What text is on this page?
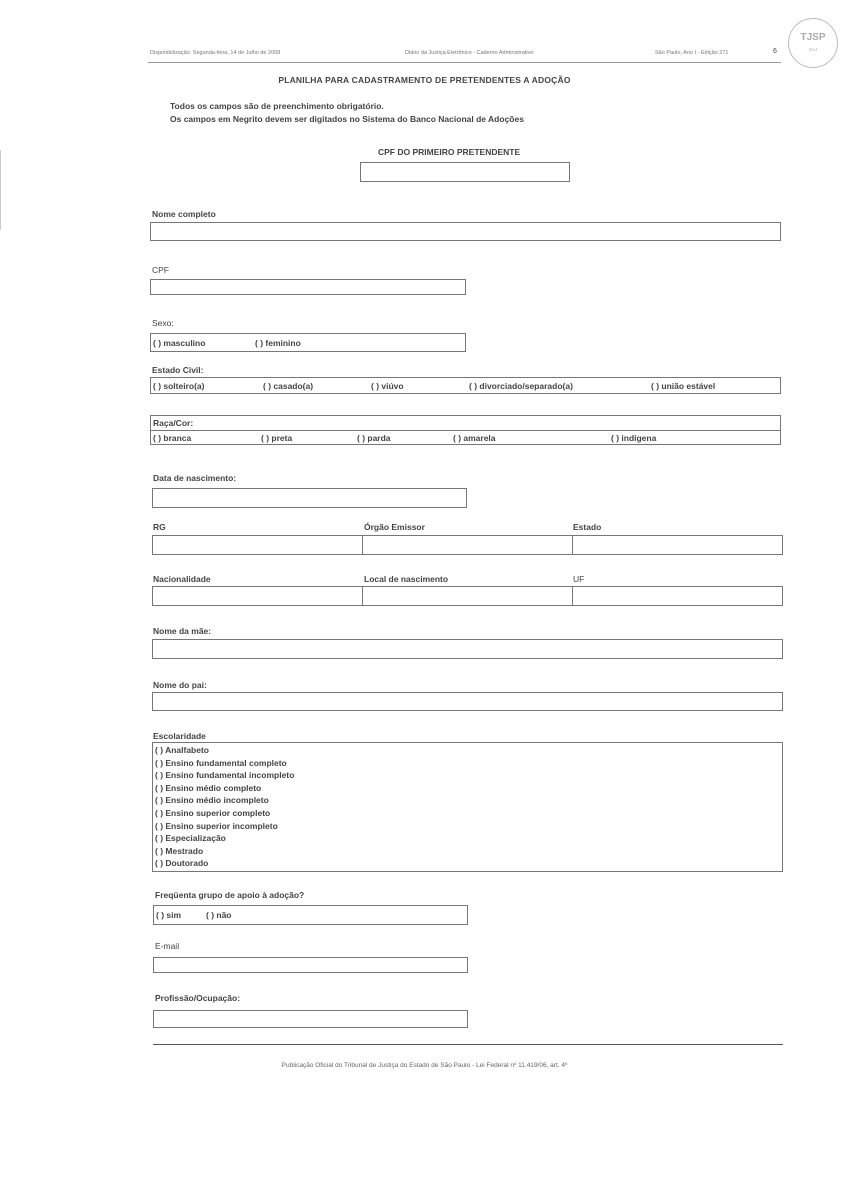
Disponibilização: Segunda-feira, 14 de Julho de 2008	Diário da Justiça Eletrônico - Caderno Administrativo	São Paulo, Ano I - Edição 271	6
TJSP
SAJ
PLANILHA PARA CADASTRAMENTO DE PRETENDENTES A ADOÇÃO
Todos os campos são de preenchimento obrigatório.
Os campos em Negrito devem ser digitados no Sistema do Banco Nacional de Adoções
CPF DO PRIMEIRO PRETENDENTE
Nome completo
CPF
Sexo:
( ) masculino	( ) feminino
Estado Civil:
( ) solteiro(a)	( ) casado(a)	( ) viúvo	( ) divorciado/separado(a)	( ) união estável
Raça/Cor:
( ) branca	( ) preta	( ) parda	( ) amarela	( ) indígena
Data de nascimento:
RG	Órgão Emissor	Estado
Nacionalidade	Local de nascimento	UF
Nome da mãe:
Nome do pai:
Escolaridade
( ) Analfabeto
( ) Ensino fundamental completo
( ) Ensino fundamental incompleto
( ) Ensino médio completo
( ) Ensino médio incompleto
( ) Ensino superior completo
( ) Ensino superior incompleto
( ) Especialização
( ) Mestrado
( ) Doutorado
Freqüenta grupo de apoio à adoção?
( ) sim	( ) não
E-mail
Profissão/Ocupação:
Publicação Oficial do Tribunal de Justiça do Estado de São Paulo - Lei Federal nº 11.419/06, art. 4º
